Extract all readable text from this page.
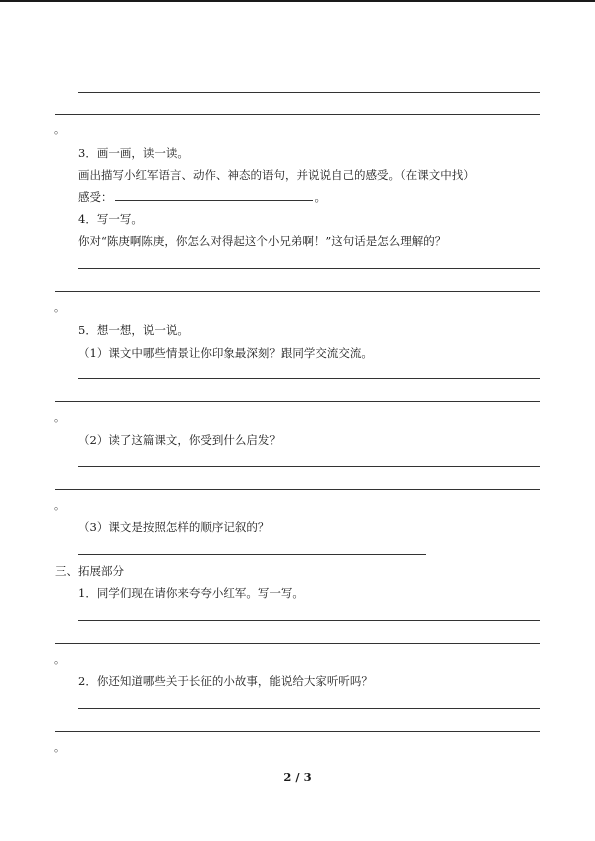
。
3．画一画，读一读。
画出描写小红军语言、动作、神态的语句，并说说自己的感受。（在课文中找）
感受：	。
4．写一写。
你对“陈庚啊陈庚，你怎么对得起这个小兄弟啊！”这句话是怎么理解的？
。
5．想一想，说一说。
（1）课文中哪些情景让你印象最深刻？跟同学交流交流。
。
（2）读了这篇课文，你受到什么启发？
。
（3）课文是按照怎样的顺序记叙的？
三、拓展部分
1．同学们现在请你来夸夸小红军。写一写。
。
2．你还知道哪些关于长征的小故事，能说给大家听听吗？
。
2 / 3
